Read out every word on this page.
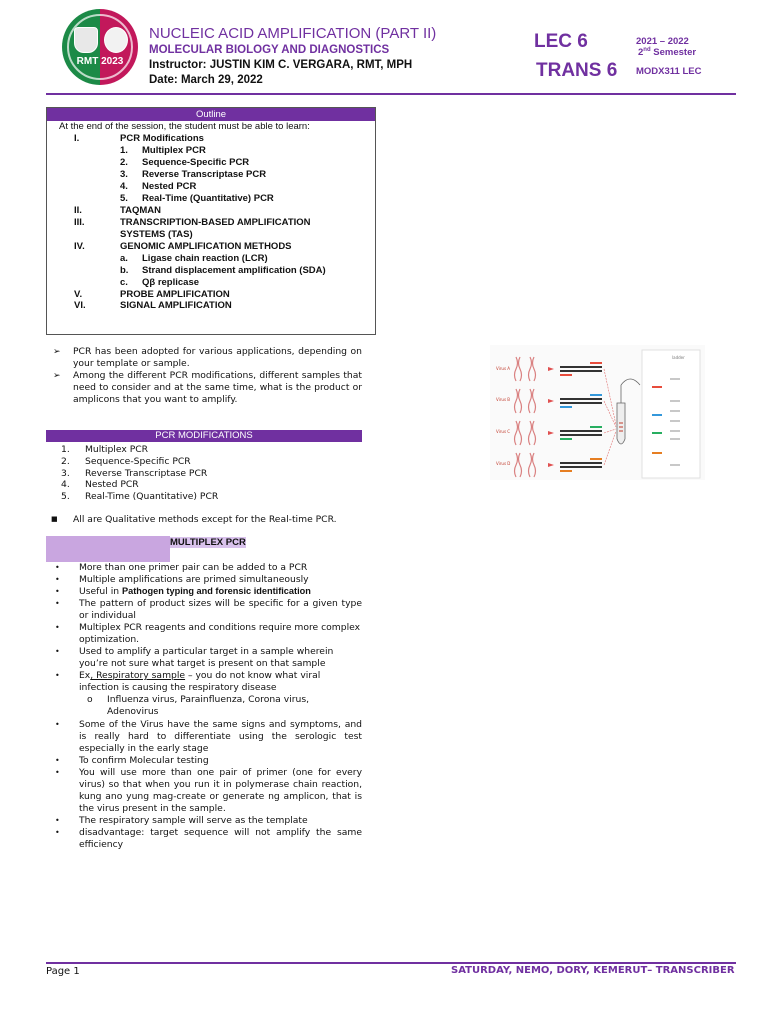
RMT 2023
NUCLEIC ACID AMPLIFICATION (PART II)
MOLECULAR BIOLOGY AND DIAGNOSTICS
Instructor: JUSTIN KIM C. VERGARA, RMT, MPH
Date: March 29, 2022
LEC 6
TRANS 6
2021 – 2022
2nd Semester
MODX311 LEC
Outline
At the end of the session, the student must be able to learn:
I.	PCR Modifications
1. Multiplex PCR
2. Sequence-Specific PCR
3. Reverse Transcriptase PCR
4. Nested PCR
5. Real-Time (Quantitative) PCR
II.	TAQMAN
III.	TRANSCRIPTION-BASED AMPLIFICATION
SYSTEMS (TAS)
IV.	GENOMIC AMPLIFICATION METHODS
a. Ligase chain reaction (LCR)
b. Strand displacement amplification (SDA)
c. Qβ replicase
V.	PROBE AMPLIFICATION
VI.	SIGNAL AMPLIFICATION
➢ PCR has been adopted for various applications, depending on your template or sample.
➢ Among the different PCR modifications, different samples that need to consider and at the same time, what is the product or amplicons that you want to amplify.
PCR MODIFICATIONS
1. Multiplex PCR
2. Sequence-Specific PCR
3. Reverse Transcriptase PCR
4. Nested PCR
5. Real-Time (Quantitative) PCR
■ All are Qualitative methods except for the Real-time PCR.
MULTIPLEX PCR
• More than one primer pair can be added to a PCR
• Multiple amplifications are primed simultaneously
• Useful in Pathogen typing and forensic identification
• The pattern of product sizes will be specific for a given type or individual
• Multiplex PCR reagents and conditions require more complex optimization.
• Used to amplify a particular target in a sample wherein you’re not sure what target is present on that sample
• Ex, Respiratory sample – you do not know what viral infection is causing the respiratory disease
o Influenza virus, Parainfluenza, Corona virus, Adenovirus
• Some of the Virus have the same signs and symptoms, and is really hard to differentiate using the serologic test especially in the early stage
• To confirm Molecular testing
• You will use more than one pair of primer (one for every virus) so that when you run it in polymerase chain reaction, kung ano yung mag-create or generate ng amplicon, that is the virus present in the sample.
• The respiratory sample will serve as the template
• disadvantage: target sequence will not amplify the same efficiency
Virus A
Virus B
Virus C
Virus D
ladder
Page 1	SATURDAY, NEMO, DORY, KEMERUT– TRANSCRIBER
